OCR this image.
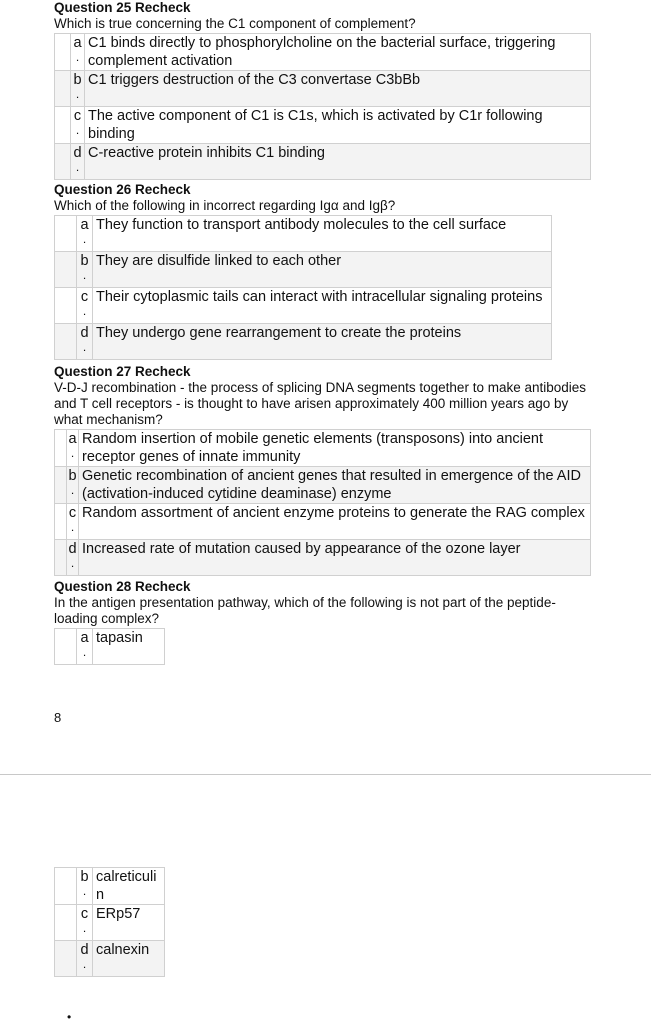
Question 25 Recheck

Which is true concerning the C1 component of complement?

	a
.	C1 binds directly to phosphorylcholine on the bacterial surface, triggering complement activation

	b
.	C1 triggers destruction of the C3 convertase C3bBb

	c
.	The active component of C1 is C1s, which is activated by C1r following binding

	d
.	C-reactive protein inhibits C1 binding

Question 26 Recheck

Which of the following in incorrect regarding Igα and Igβ?

	a
.	They function to transport antibody molecules to the cell surface

	b
.	They are disulfide linked to each other

	c
.	Their cytoplasmic tails can interact with intracellular signaling proteins

	d
.	They undergo gene rearrangement to create the proteins

Question 27 Recheck

V-D-J recombination - the process of splicing DNA segments together to make antibodies and T cell receptors - is thought to have arisen approximately 400 million years ago by what mechanism?

	a
.	Random insertion of mobile genetic elements (transposons) into ancient receptor genes of innate immunity

	b
.	Genetic recombination of ancient genes that resulted in emergence of the AID (activation-induced cytidine deaminase) enzyme

	c
.	Random assortment of ancient enzyme proteins to generate the RAG complex

	d
.	Increased rate of mutation caused by appearance of the ozone layer

Question 28 Recheck

In the antigen presentation pathway, which of the following is not part of the peptide-loading complex?

a
.
	tapasin
8

	b
.	calreticulin

	c
.	ERp57

	d
.	calnexin
•
